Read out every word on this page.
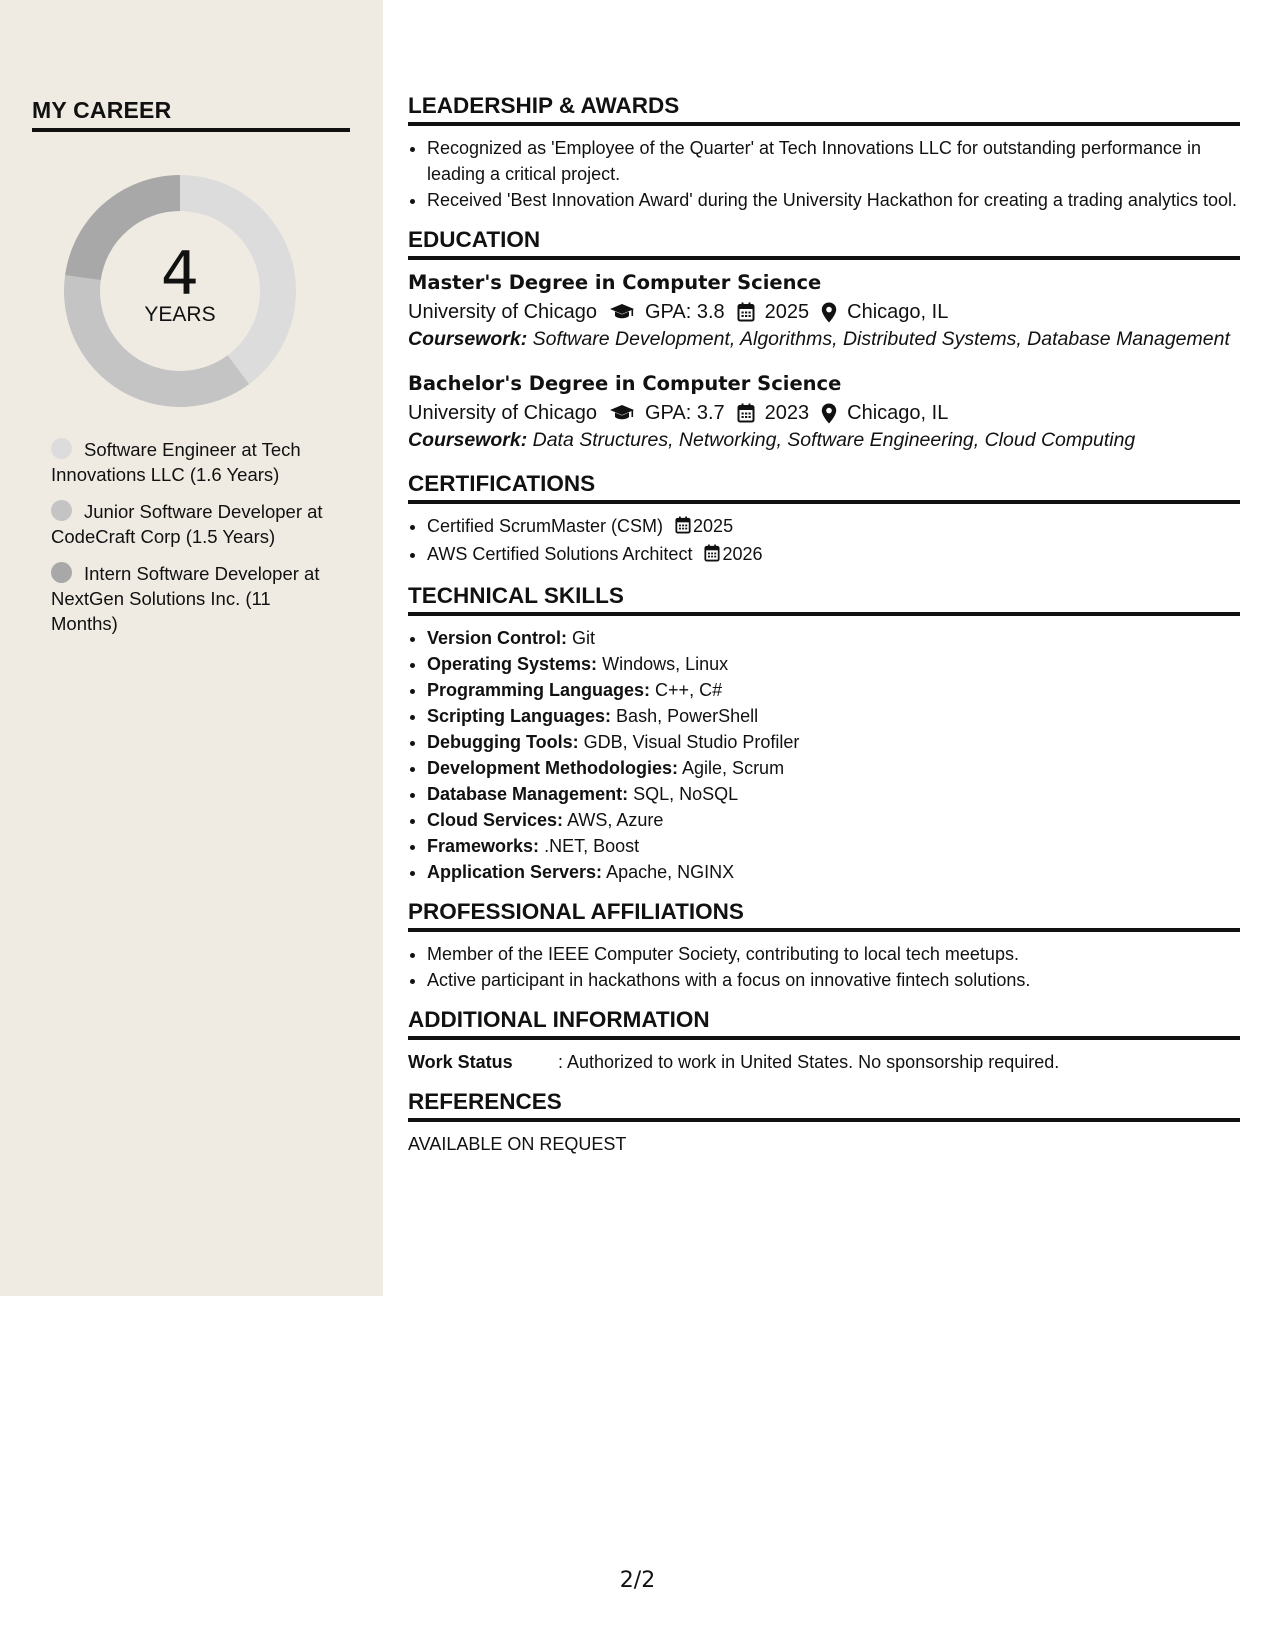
MY CAREER
4
YEARS
Software Engineer at Tech Innovations LLC (1.6 Years)
Junior Software Developer at CodeCraft Corp (1.5 Years)
Intern Software Developer at NextGen Solutions Inc. (11 Months)
LEADERSHIP & AWARDS
• Recognized as 'Employee of the Quarter' at Tech Innovations LLC for outstanding performance in leading a critical project.
• Received 'Best Innovation Award' during the University Hackathon for creating a trading analytics tool.
EDUCATION
Master's Degree in Computer Science
University of Chicago GPA: 3.8 2025 Chicago, IL
Coursework: Software Development, Algorithms, Distributed Systems, Database Management
Bachelor's Degree in Computer Science
University of Chicago GPA: 3.7 2023 Chicago, IL
Coursework: Data Structures, Networking, Software Engineering, Cloud Computing
CERTIFICATIONS
• Certified ScrumMaster (CSM) 2025
• AWS Certified Solutions Architect 2026
TECHNICAL SKILLS
• Version Control: Git
• Operating Systems: Windows, Linux
• Programming Languages: C++, C#
• Scripting Languages: Bash, PowerShell
• Debugging Tools: GDB, Visual Studio Profiler
• Development Methodologies: Agile, Scrum
• Database Management: SQL, NoSQL
• Cloud Services: AWS, Azure
• Frameworks: .NET, Boost
• Application Servers: Apache, NGINX
PROFESSIONAL AFFILIATIONS
• Member of the IEEE Computer Society, contributing to local tech meetups.
• Active participant in hackathons with a focus on innovative fintech solutions.
ADDITIONAL INFORMATION
Work Status	: Authorized to work in United States. No sponsorship required.
REFERENCES
AVAILABLE ON REQUEST
2/2
